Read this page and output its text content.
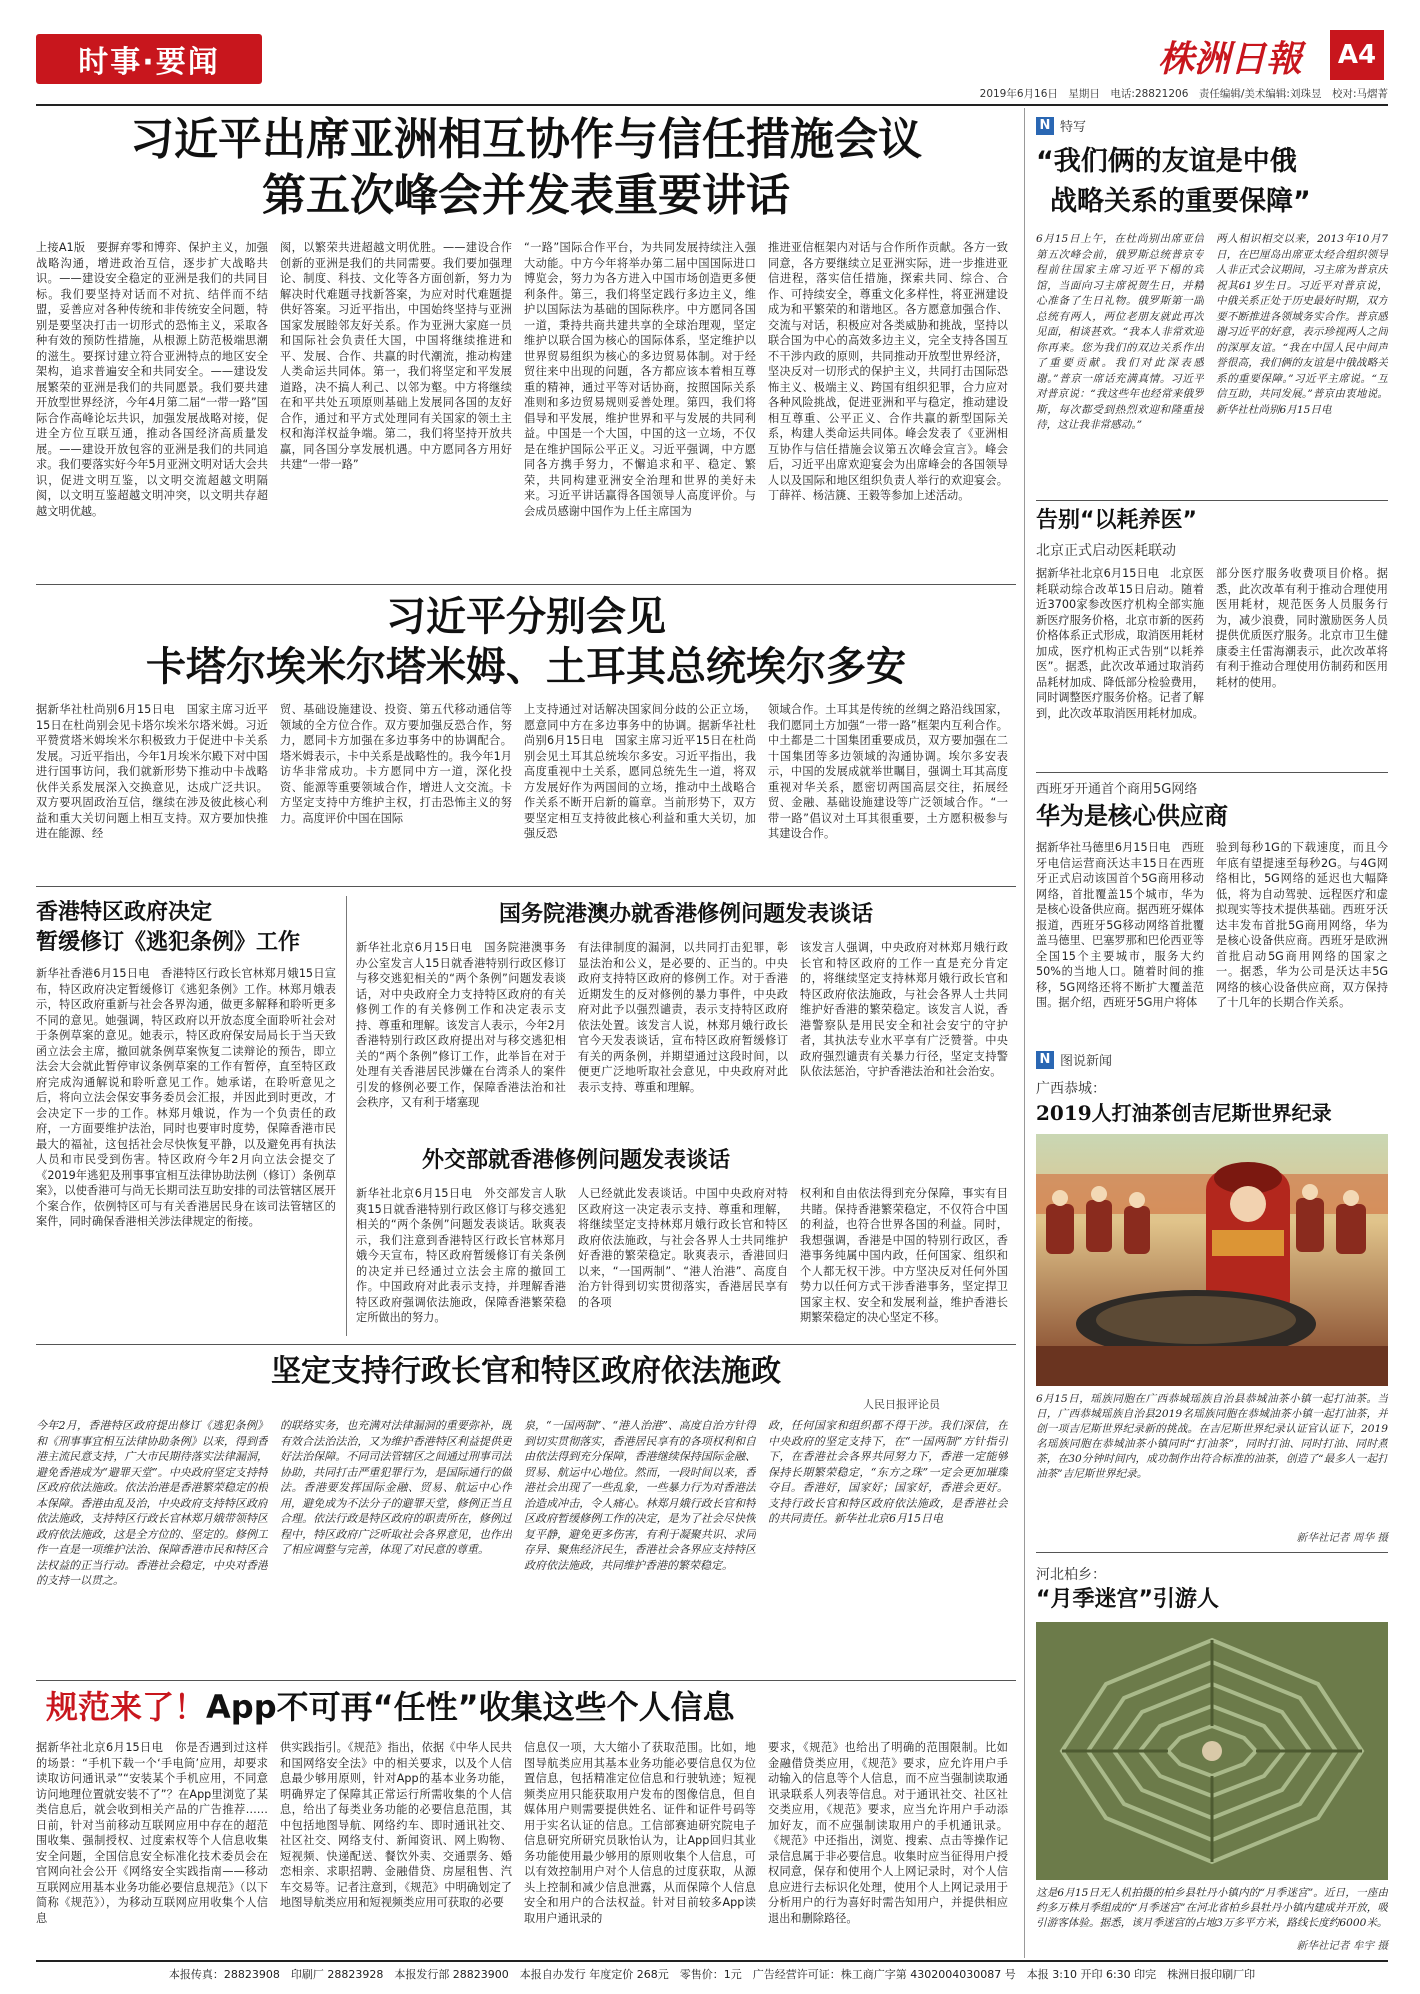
时事·要闻	株洲日報 A4
2019年6月16日　星期日　电话:28821206　责任编辑/美术编辑:刘珠昱　校对:马熠菁
习近平出席亚洲相互协作与信任措施会议
第五次峰会并发表重要讲话
上接A1版　要摒弃零和博弈、保护主义，加强战略沟通，增进政治互信，逐步扩大战略共识。——建设安全稳定的亚洲是我们的共同目标。我们要坚持对话而不对抗、结伴而不结盟，妥善应对各种传统和非传统安全问题，特别是要坚决打击一切形式的恐怖主义，采取各种有效的预防性措施，从根源上防范极端思潮的滋生。要探讨建立符合亚洲特点的地区安全架构，追求普遍安全和共同安全。——建设发展繁荣的亚洲是我们的共同愿景。我们要共建开放型世界经济，今年4月第二届“一带一路”国际合作高峰论坛共识，加强发展战略对接，促进全方位互联互通，推动各国经济高质量发展。——建设开放包容的亚洲是我们的共同追求。我们要落实好今年5月亚洲文明对话大会共识，促进文明互鉴，以文明交流超越文明隔阂，以文明互鉴超越文明冲突，以文明共存超越文明优越。
阂，以繁荣共进超越文明优胜。——建设合作创新的亚洲是我们的共同需要。我们要加强理论、制度、科技、文化等各方面创新，努力为解决时代难题寻找新答案，为应对时代难题提供好答案。习近平指出，中国始终坚持与亚洲国家发展睦邻友好关系。作为亚洲大家庭一员和国际社会负责任大国，中国将继续推进和平、发展、合作、共赢的时代潮流，推动构建人类命运共同体。第一，我们将坚定和平发展道路，决不搞人利己、以邻为壑。中方将继续在和平共处五项原则基础上发展同各国的友好合作，通过和平方式处理同有关国家的领土主权和海洋权益争端。第二，我们将坚持开放共赢，同各国分享发展机遇。中方愿同各方用好共建“一带一路”
“一路”国际合作平台，为共同发展持续注入强大动能。中方今年将举办第二届中国国际进口博览会，努力为各方进入中国市场创造更多便利条件。第三，我们将坚定践行多边主义，维护以国际法为基础的国际秩序。中方愿同各国一道，秉持共商共建共享的全球治理观，坚定维护以联合国为核心的国际体系，坚定维护以世界贸易组织为核心的多边贸易体制。对于经贸往来中出现的问题，各方都应该本着相互尊重的精神，通过平等对话协商，按照国际关系准则和多边贸易规则妥善处理。第四，我们将倡导和平发展，维护世界和平与发展的共同利益。中国是一个大国，中国的这一立场，不仅是在维护国际公平正义。习近平强调，中方愿同各方携手努力，不懈追求和平、稳定、繁荣，共同构建亚洲安全治理和世界的美好未来。习近平讲话赢得各国领导人高度评价。与会成员感谢中国作为上任主席国为
推进亚信框架内对话与合作所作贡献。各方一致同意，各方要继续立足亚洲实际，进一步推进亚信进程，落实信任措施，探索共同、综合、合作、可持续安全，尊重文化多样性，将亚洲建设成为和平繁荣的和谐地区。各方愿意加强合作、交流与对话，积极应对各类威胁和挑战，坚持以联合国为中心的高效多边主义，完全支持各国互不干涉内政的原则，共同推动开放型世界经济，坚决反对一切形式的保护主义，共同打击国际恐怖主义、极端主义、跨国有组织犯罪，合力应对各种风险挑战，促进亚洲和平与稳定，推动建设相互尊重、公平正义、合作共赢的新型国际关系，构建人类命运共同体。峰会发表了《亚洲相互协作与信任措施会议第五次峰会宣言》。峰会后，习近平出席欢迎宴会为出席峰会的各国领导人以及国际和地区组织负责人举行的欢迎宴会。丁薛祥、杨洁篪、王毅等参加上述活动。
习近平分别会见
卡塔尔埃米尔塔米姆、土耳其总统埃尔多安
据新华社杜尚别6月15日电　国家主席习近平15日在杜尚别会见卡塔尔埃米尔塔米姆。习近平赞赏塔米姆埃米尔积极致力于促进中卡关系发展。习近平指出，今年1月埃米尔殿下对中国进行国事访问，我们就新形势下推动中卡战略伙伴关系发展深入交换意见，达成广泛共识。双方要巩固政治互信，继续在涉及彼此核心利益和重大关切问题上相互支持。双方要加快推进在能源、经
贸、基础设施建设、投资、第五代移动通信等领域的全方位合作。双方要加强反恐合作，努力，愿同卡方加强在多边事务中的协调配合。塔米姆表示，卡中关系是战略性的。我今年1月访华非常成功。卡方愿同中方一道，深化投资、能源等重要领域合作，增进人文交流。卡方坚定支持中方维护主权，打击恐怖主义的努力。高度评价中国在国际
上支持通过对话解决国家间分歧的公正立场，愿意同中方在多边事务中的协调。据新华社杜尚别6月15日电　国家主席习近平15日在杜尚别会见土耳其总统埃尔多安。习近平指出，我高度重视中土关系，愿同总统先生一道，将双方发展好作为两国间的立场，推动中土战略合作关系不断开启新的篇章。当前形势下，双方要坚定相互支持彼此核心利益和重大关切，加强反恐
领域合作。土耳其是传统的丝绸之路沿线国家，我们愿同土方加强“一带一路”框架内互利合作。中土都是二十国集团重要成员，双方要加强在二十国集团等多边领域的沟通协调。埃尔多安表示，中国的发展成就举世瞩目，强调土耳其高度重视对华关系，愿密切两国高层交往，拓展经贸、金融、基础设施建设等广泛领域合作。“一带一路”倡议对土耳其很重要，土方愿积极参与其建设合作。
香港特区政府决定
暂缓修订《逃犯条例》工作
新华社香港6月15日电　香港特区行政长官林郑月娥15日宣布，特区政府决定暂缓修订《逃犯条例》工作。林郑月娥表示，特区政府重新与社会各界沟通，做更多解释和聆听更多不同的意见。她强调，特区政府以开放态度全面聆听社会对于条例草案的意见。她表示，特区政府保安局局长于当天致函立法会主席，撤回就条例草案恢复二读辩论的预告，即立法会大会就此暂停审议条例草案的工作有暂停，直至特区政府完成沟通解说和聆听意见工作。她承诺，在聆听意见之后，将向立法会保安事务委员会汇报，并因此到时更改，才会决定下一步的工作。林郑月娥说，作为一个负责任的政府，一方面要维护法治，同时也要审时度势，保障香港市民最大的福祉，这包括社会尽快恢复平静，以及避免再有执法人员和市民受到伤害。特区政府今年2月向立法会提交了《2019年逃犯及刑事事宜相互法律协助法例（修订）条例草案》，以使香港可与尚无长期司法互助安排的司法管辖区展开个案合作，依例特区可与有关香港居民身在该司法管辖区的案件，同时确保香港相关涉法律规定的衔接。
国务院港澳办就香港修例问题发表谈话
新华社北京6月15日电　国务院港澳事务办公室发言人15日就香港特别行政区修订与移交逃犯相关的“两个条例”问题发表谈话，对中央政府全力支持特区政府的有关修例工作的有关修例工作和决定表示支持、尊重和理解。该发言人表示，今年2月香港特别行政区政府提出对与移交逃犯相关的“两个条例”修订工作，此举旨在对于处理有关香港居民涉嫌在台湾杀人的案件引发的修例必要工作，保障香港法治和社会秩序，又有利于堵塞现
有法律制度的漏洞，以共同打击犯罪，彰显法治和公义，是必要的、正当的。中央政府支持特区政府的修例工作。对于香港近期发生的反对修例的暴力事件，中央政府对此予以强烈谴责，表示支持特区政府依法处置。该发言人说，林郑月娥行政长官今天发表谈话，宣布特区政府暂缓修订有关的两条例，并期望通过这段时间，以便更广泛地听取社会意见，中央政府对此表示支持、尊重和理解。
该发言人强调，中央政府对林郑月娥行政长官和特区政府的工作一直是充分肯定的，将继续坚定支持林郑月娥行政长官和特区政府依法施政，与社会各界人士共同维护好香港的繁荣稳定。该发言人说，香港警察队是用民安全和社会安宁的守护者，其执法专业水平享有广泛赞誉。中央政府强烈谴责有关暴力行径，坚定支持警队依法惩治，守护香港法治和社会治安。
外交部就香港修例问题发表谈话
新华社北京6月15日电　外交部发言人耿爽15日就香港特别行政区修订与移交逃犯相关的“两个条例”问题发表谈话。耿爽表示，我们注意到香港特区行政长官林郑月娥今天宣布，特区政府暂缓修订有关条例的决定并已经通过立法会主席的撤回工作。中国政府对此表示支持，并理解香港特区政府强调依法施政，保障香港繁荣稳定所做出的努力。
人已经就此发表谈话。中国中央政府对特区政府这一决定表示支持、尊重和理解，将继续坚定支持林郑月娥行政长官和特区政府依法施政，与社会各界人士共同维护好香港的繁荣稳定。耿爽表示，香港回归以来，“一国两制”、“港人治港”、高度自治方针得到切实贯彻落实，香港居民享有的各项
权利和自由依法得到充分保障，事实有目共睹。保持香港繁荣稳定，不仅符合中国的利益，也符合世界各国的利益。同时，我想强调，香港是中国的特别行政区，香港事务纯属中国内政，任何国家、组织和个人都无权干涉。中方坚决反对任何外国势力以任何方式干涉香港事务，坚定捍卫国家主权、安全和发展利益，维护香港长期繁荣稳定的决心坚定不移。
坚定支持行政长官和特区政府依法施政
人民日报评论员
今年2月，香港特区政府提出修订《逃犯条例》和《刑事事宜相互法律协助条例》以来，得到香港主流民意支持，广大市民期待落实法律漏洞，避免香港成为“避罪天堂”。中央政府坚定支持特区政府依法施政。依法治港是香港繁荣稳定的根本保障。香港由乱及治，中央政府支持特区政府依法施政，支持特区行政长官林郑月娥带领特区政府依法施政，这是全方位的、坚定的。修例工作一直是一项维护法治、保障香港市民和特区合法权益的正当行动。香港社会稳定，中央对香港的支持一以贯之。
的联络实务，也充满对法律漏洞的重要弥补，既有效合法治法治，又为维护香港特区利益提供更好法治保障。不同司法管辖区之间通过刑事司法协助，共同打击严重犯罪行为，是国际通行的做法。香港要发挥国际金融、贸易、航运中心作用，避免成为不法分子的避罪天堂，修例正当且合理。依法行政是特区政府的职责所在，修例过程中，特区政府广泛听取社会各界意见，也作出了相应调整与完善，体现了对民意的尊重。
泉，“一国两制”、“港人治港”、高度自治方针得到切实贯彻落实，香港居民享有的各项权利和自由依法得到充分保障，香港继续保持国际金融、贸易、航运中心地位。然而，一段时间以来，香港社会出现了一些乱象，一些暴力行为对香港法治造成冲击，令人痛心。林郑月娥行政长官和特区政府暂缓修例工作的决定，是为了社会尽快恢复平静，避免更多伤害，有利于凝聚共识、求同存异、聚焦经济民生，香港社会各界应支持特区政府依法施政，共同维护香港的繁荣稳定。
政，任何国家和组织都不得干涉。我们深信，在中央政府的坚定支持下，在“一国两制”方针指引下，在香港社会各界共同努力下，香港一定能够保持长期繁荣稳定，“东方之珠”一定会更加璀璨夺目。香港好，国家好；国家好，香港会更好。支持行政长官和特区政府依法施政，是香港社会的共同责任。新华社北京6月15日电
规范来了！App不可再“任性”收集这些个人信息
据新华社北京6月15日电　你是否遇到过这样的场景：“手机下载一个‘手电筒’应用，却要求读取访问通讯录”“安装某个手机应用，不同意访问地理位置就安装不了”？在App里浏览了某类信息后，就会收到相关产品的广告推荐……日前，针对当前移动互联网应用中存在的超范围收集、强制授权、过度索权等个人信息收集安全问题，全国信息安全标准化技术委员会在官网向社会公开《网络安全实践指南——移动互联网应用基本业务功能必要信息规范》（以下简称《规范》），为移动互联网应用收集个人信息
供实践指引。《规范》指出，依据《中华人民共和国网络安全法》中的相关要求，以及个人信息最少够用原则，针对App的基本业务功能，明确界定了保障其正常运行所需收集的个人信息，给出了每类业务功能的必要信息范围，其中包括地图导航、网络约车、即时通讯社交、社区社交、网络支付、新闻资讯、网上购物、短视频、快递配送、餐饮外卖、交通票务、婚恋相亲、求职招聘、金融借贷、房屋租售、汽车交易等。记者注意到，《规范》中明确划定了地图导航类应用和短视频类应用可获取的必要
信息仅一项，大大缩小了获取范围。比如，地图导航类应用其基本业务功能必要信息仅为位置信息，包括精准定位信息和行驶轨迹；短视频类应用只能获取用户发布的图像信息，但自媒体用户则需要提供姓名、证件和证件号码等用于实名认证的信息。工信部赛迪研究院电子信息研究所研究员耿怡认为，让App回归其业务功能使用最少够用的原则收集个人信息，可以有效控制用户对个人信息的过度获取，从源头上控制和减少信息泄露，从而保障个人信息安全和用户的合法权益。针对目前较多App读取用户通讯录的
要求，《规范》也给出了明确的范围限制。比如金融借贷类应用，《规范》要求，应允许用户手动输入的信息等个人信息，而不应当强制读取通讯录联系人列表等信息。对于通讯社交、社区社交类应用，《规范》要求，应当允许用户手动添加好友，而不应强制读取用户的手机通讯录。《规范》中还指出，浏览、搜索、点击等操作记录信息属于非必要信息。收集时应当征得用户授权同意，保存和使用个人上网记录时，对个人信息应进行去标识化处理，使用个人上网记录用于分析用户的行为喜好时需告知用户，并提供相应退出和删除路径。
N 特写
“我们俩的友谊是中俄
战略关系的重要保障”
6月15日上午，在杜尚别出席亚信第五次峰会前，俄罗斯总统普京专程前往国家主席习近平下榻的宾馆，当面向习主席祝贺生日，并精心准备了生日礼物。俄罗斯第一副总统有两人，两位老朋友就此再次见面，相谈甚欢。“我本人非常欢迎你再来。您为我们的双边关系作出了重要贡献。我们对此深表感谢。”普京一席话充满真情。习近平对普京说：“我这些年也经常来俄罗斯，每次都受到热烈欢迎和隆重接待，这让我非常感动。”
两人相识相交以来，2013年10月7日，在巴厘岛出席亚太经合组织领导人非正式会议期间，习主席为普京庆祝其61岁生日。习近平对普京说，中俄关系正处于历史最好时期，双方要不断推进各领域务实合作。普京感谢习近平的好意，表示珍视两人之间的深厚友谊。“我在中国人民中间声誉很高，我们俩的友谊是中俄战略关系的重要保障。”习近平主席说。“互信互助，共同发展。”普京由衷地说。新华社杜尚别6月15日电
告别“以耗养医”
北京正式启动医耗联动
据新华社北京6月15日电　北京医耗联动综合改革15日启动。随着近3700家参改医疗机构全部实施新医疗服务价格，北京市新的医药价格体系正式形成，取消医用耗材加成，医疗机构正式告别“以耗养医”。据悉，此次改革通过取消药品耗材加成、降低部分检验费用，同时调整医疗服务价格。记者了解到，此次改革取消医用耗材加成。
部分医疗服务收费项目价格。据悉，此次改革有利于推动合理使用医用耗材，规范医务人员服务行为，减少浪费，同时激励医务人员提供优质医疗服务。北京市卫生健康委主任雷海潮表示，此次改革将有利于推动合理使用仿制药和医用耗材的使用。
西班牙开通首个商用5G网络
华为是核心供应商
据新华社马德里6月15日电　西班牙电信运营商沃达丰15日在西班牙正式启动该国首个5G商用移动网络，首批覆盖15个城市，华为是核心设备供应商。据西班牙媒体报道，西班牙5G移动网络首批覆盖马德里、巴塞罗那和巴伦西亚等全国15个主要城市，服务大约50%的当地人口。随着时间的推移，5G网络还将不断扩大覆盖范围。据介绍，西班牙5G用户将体
验到每秒1G的下载速度，而且今年底有望提速至每秒2G。与4G网络相比，5G网络的延迟也大幅降低，将为自动驾驶、远程医疗和虚拟现实等技术提供基础。西班牙沃达丰发布首批5G商用网络，华为是核心设备供应商。西班牙是欧洲首批启动5G商用网络的国家之一。据悉，华为公司是沃达丰5G网络的核心设备供应商，双方保持了十几年的长期合作关系。
N 图说新闻
广西恭城：
2019人打油茶创吉尼斯世界纪录
6月15日，瑶族同胞在广西恭城瑶族自治县恭城油茶小镇一起打油茶。当日，广西恭城瑶族自治县2019名瑶族同胞在恭城油茶小镇一起打油茶，并创一项吉尼斯世界纪录新的挑战。在吉尼斯世界纪录认证官认证下，2019名瑶族同胞在恭城油茶小镇同时“打油茶”，同时打油、同时打油、同时煮茶，在30分钟时间内，成功制作出符合标准的油茶，创造了“最多人一起打油茶”吉尼斯世界纪录。
新华社记者 周华 摄
河北柏乡：
“月季迷宫”引游人
这是6月15日无人机拍摄的柏乡县牡丹小镇内的“月季迷宫”。近日，一座由约多万株月季组成的“月季迷宫”在河北省柏乡县牡丹小镇内建成并开放，吸引游客体验。据悉，该月季迷宫的占地3万多平方米，路线长度约6000米。
新华社记者 牟宇 摄
本报传真：28823908　印刷厂 28823928　本报发行部 28823900　本报自办发行 年度定价 268元　零售价：1元　广告经营许可证：株工商广字第 4302004030087 号　本报 3:10 开印 6:30 印完　株洲日报印刷厂印
